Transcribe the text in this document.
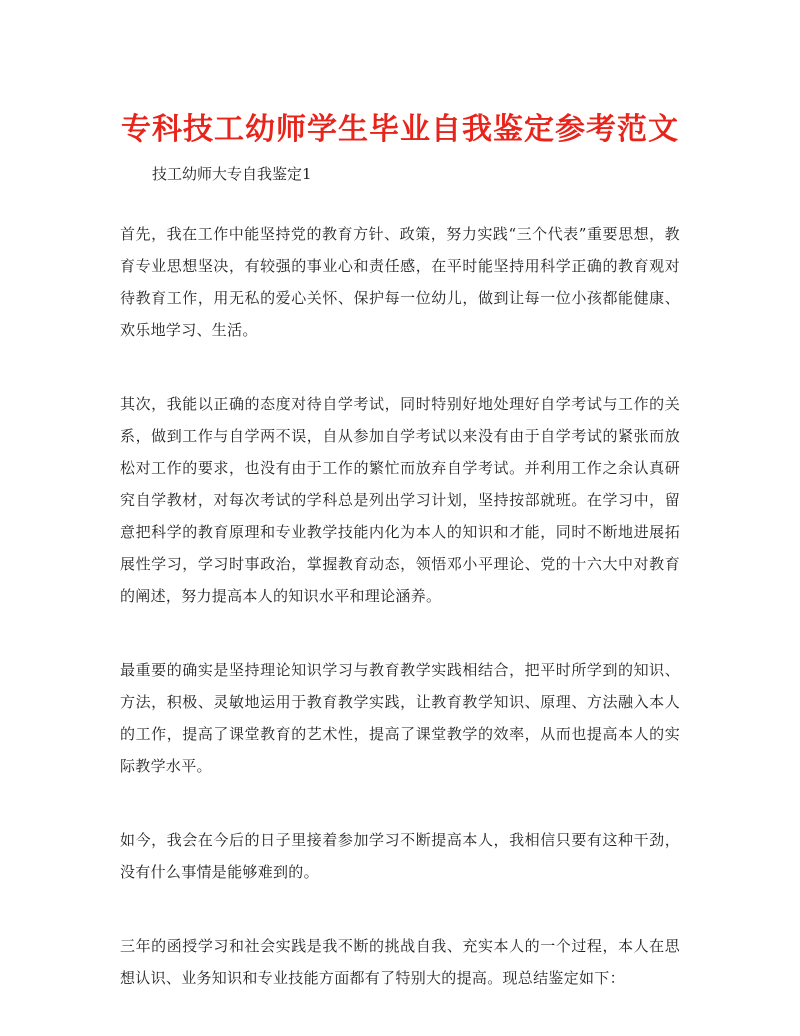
专科技工幼师学生毕业自我鉴定参考范文

技工幼师大专自我鉴定1

首先，我在工作中能坚持党的教育方针、政策，努力实践“三个代表”重要思想，教育专业思想坚决，有较强的事业心和责任感，在平时能坚持用科学正确的教育观对待教育工作，用无私的爱心关怀、保护每一位幼儿，做到让每一位小孩都能健康、欢乐地学习、生活。

其次，我能以正确的态度对待自学考试，同时特别好地处理好自学考试与工作的关系，做到工作与自学两不误，自从参加自学考试以来没有由于自学考试的紧张而放松对工作的要求，也没有由于工作的繁忙而放弃自学考试。并利用工作之余认真研究自学教材，对每次考试的学科总是列出学习计划，坚持按部就班。在学习中，留意把科学的教育原理和专业教学技能内化为本人的知识和才能，同时不断地进展拓展性学习，学习时事政治，掌握教育动态，领悟邓小平理论、党的十六大中对教育的阐述，努力提高本人的知识水平和理论涵养。

最重要的确实是坚持理论知识学习与教育教学实践相结合，把平时所学到的知识、方法，积极、灵敏地运用于教育教学实践，让教育教学知识、原理、方法融入本人的工作，提高了课堂教育的艺术性，提高了课堂教学的效率，从而也提高本人的实际教学水平。

如今，我会在今后的日子里接着参加学习不断提高本人，我相信只要有这种干劲，没有什么事情是能够难到的。

三年的函授学习和社会实践是我不断的挑战自我、充实本人的一个过程，本人在思想认识、业务知识和专业技能方面都有了特别大的提高。现总结鉴定如下：
